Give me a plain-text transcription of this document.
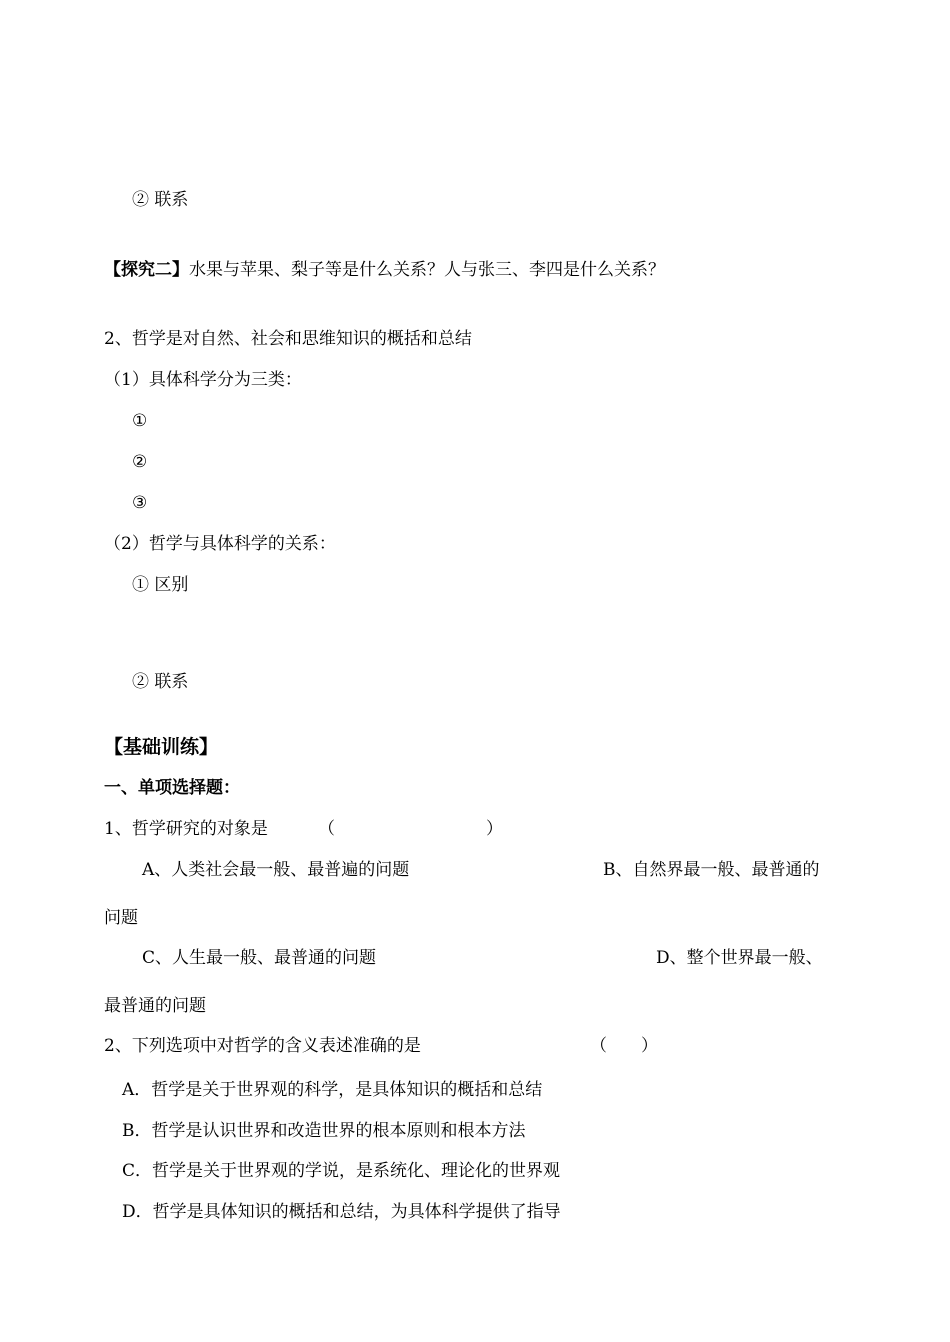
② 联系
【探究二】水果与苹果、梨子等是什么关系？人与张三、李四是什么关系？
2、哲学是对自然、社会和思维知识的概括和总结
（1）具体科学分为三类：
①
②
③
（2）哲学与具体科学的关系：
① 区别
② 联系
【基础训练】
一、单项选择题：
1、哲学研究的对象是	（	）
A、人类社会最一般、最普遍的问题	B、自然界最一般、最普通的
问题
C、人生最一般、最普通的问题	D、整个世界最一般、
最普通的问题
2、下列选项中对哲学的含义表述准确的是	（　　）
A．哲学是关于世界观的科学，是具体知识的概括和总结
B．哲学是认识世界和改造世界的根本原则和根本方法
C．哲学是关于世界观的学说，是系统化、理论化的世界观
D．哲学是具体知识的概括和总结，为具体科学提供了指导
